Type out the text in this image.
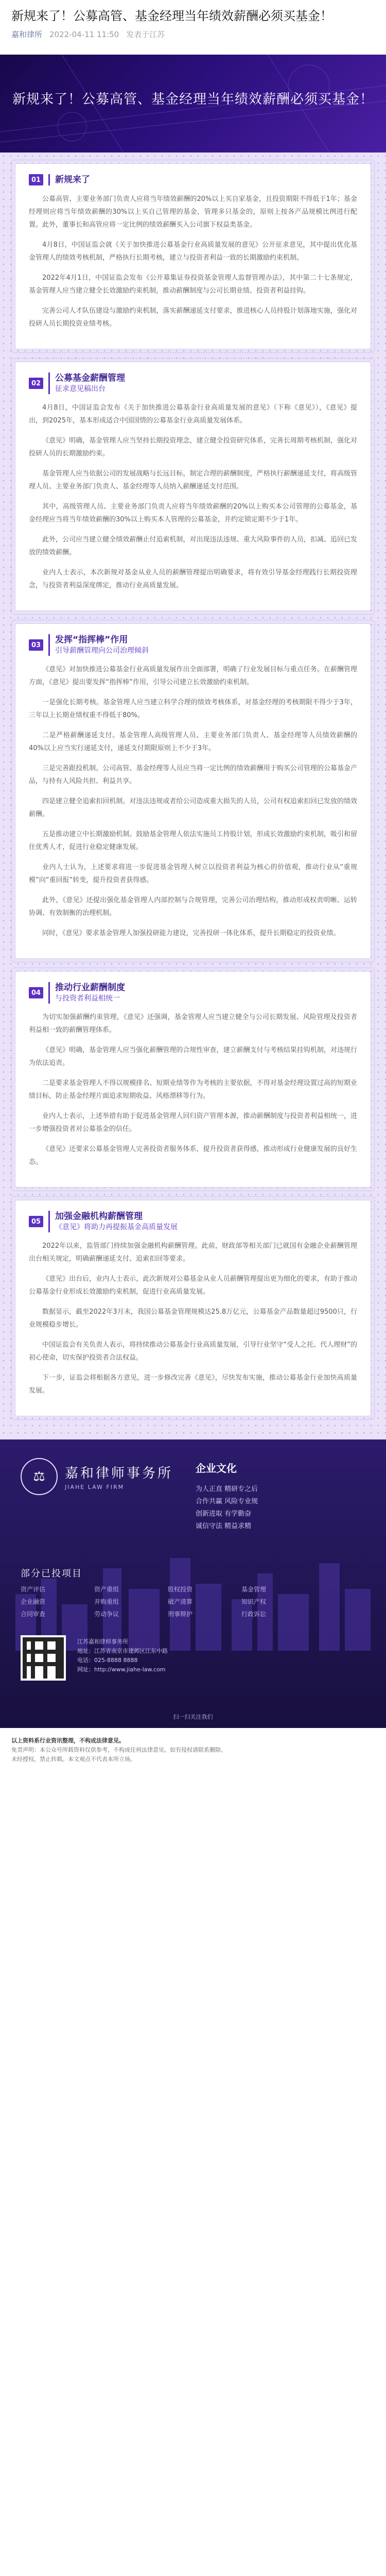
新规来了！公募高管、基金经理当年绩效薪酬必须买基金！
嘉和律所 2022-04-11 11:50 发表于江苏
新规来了！公募高管、基金经理当年绩效薪酬必须买基金！
01 新规来了

公募高管、主要业务部门负责人应将当年绩效薪酬的20%以上买自家基金，且投资期限不得低于1年；基金经理则应将当年绩效薪酬的30%以上买自己管理的基金，管理多只基金的，原则上按各产品规模比例进行配置。此外，董事长和高管应将一定比例的绩效薪酬买入公司旗下权益类基金。

4月8日，中国证监会就《关于加快推进公募基金行业高质量发展的意见》公开征求意见，其中提出优化基金管理人的绩效考核机制，严格执行长期考核，建立与投资者利益一致的长期激励约束机制。

2022年4月1日，中国证监会发布《公开募集证券投资基金管理人监督管理办法》，其中第二十七条规定，基金管理人应当建立健全长效激励约束机制，推动薪酬制度与公司长期业绩、投资者利益挂钩。

完善公司人才队伍建设与激励约束机制，落实薪酬递延支付要求，推进核心人员持股计划落地实施，强化对投研人员长期投资业绩考核。

02 公募基金薪酬管理
征求意见稿出台

4月8日，中国证监会发布《关于加快推进公募基金行业高质量发展的意见》（下称《意见》），《意见》提出，到2025年，基本形成适合中国国情的公募基金行业高质量发展体系。

《意见》明确，基金管理人应当坚持长期投资理念，建立健全投资研究体系，完善长周期考核机制，强化对投研人员的长期激励约束。

基金管理人应当依据公司的发展战略与长远目标，制定合理的薪酬制度，严格执行薪酬递延支付，将高级管理人员、主要业务部门负责人、基金经理等人员纳入薪酬递延支付范围。

其中，高级管理人员、主要业务部门负责人应将当年绩效薪酬的20%以上购买本公司管理的公募基金，基金经理应当将当年绩效薪酬的30%以上购买本人管理的公募基金，并约定锁定期不少于1年。

此外，公司应当建立健全绩效薪酬止付追索机制，对出现违法违规、重大风险事件的人员，扣减、追回已发放的绩效薪酬。

业内人士表示，本次新规对基金从业人员的薪酬管理提出明确要求，将有效引导基金经理践行长期投资理念，与投资者利益深度绑定，推动行业高质量发展。

03 发挥“指挥棒”作用
引导薪酬管理向公司治理倾斜

《意见》对加快推进公募基金行业高质量发展作出全面部署，明确了行业发展目标与重点任务。在薪酬管理方面，《意见》提出要发挥“指挥棒”作用，引导公司建立长效激励约束机制。

一是强化长期考核。基金管理人应当建立科学合理的绩效考核体系，对基金经理的考核期限不得少于3年，三年以上长期业绩权重不得低于80%。

二是严格薪酬递延支付。基金管理人高级管理人员、主要业务部门负责人、基金经理等人员绩效薪酬的40%以上应当实行递延支付，递延支付期限原则上不少于3年。

三是完善跟投机制。公司高管、基金经理等人员应当将一定比例的绩效薪酬用于购买公司管理的公募基金产品，与持有人风险共担、利益共享。

四是建立健全追索扣回机制。对违法违规或者给公司造成重大损失的人员，公司有权追索扣回已发放的绩效薪酬。

五是推动建立中长期激励机制。鼓励基金管理人依法实施员工持股计划，形成长效激励约束机制，吸引和留住优秀人才，促进行业稳定健康发展。

业内人士认为，上述要求将进一步促进基金管理人树立以投资者利益为核心的价值观，推动行业从“重规模”向“重回报”转变，提升投资者获得感。

此外，《意见》还提出强化基金管理人内部控制与合规管理，完善公司治理结构，推动形成权责明晰、运转协调、有效制衡的治理机制。

同时，《意见》要求基金管理人加强投研能力建设，完善投研一体化体系，提升长期稳定的投资业绩。

04 推动行业薪酬制度
与投资者利益相统一

为切实加强薪酬约束管理，《意见》还强调，基金管理人应当建立健全与公司长期发展、风险管理及投资者利益相一致的薪酬管理体系。

《意见》明确，基金管理人应当强化薪酬管理的合规性审查，建立薪酬支付与考核结果挂钩机制，对违规行为依法追责。

二是要求基金管理人不得以规模排名、短期业绩等作为考核的主要依据，不得对基金经理设置过高的短期业绩目标，防止基金经理片面追求短期收益、风格漂移等行为。

业内人士表示，上述举措有助于促进基金管理人回归资产管理本源，推动薪酬制度与投资者利益相统一，进一步增强投资者对公募基金的信任。

《意见》还要求公募基金管理人完善投资者服务体系，提升投资者获得感，推动形成行业健康发展的良好生态。

05 加强金融机构薪酬管理
《意见》将助力再提振基金高质量发展

2022年以来，监管部门持续加强金融机构薪酬管理。此前，财政部等相关部门已就国有金融企业薪酬管理出台相关规定，明确薪酬递延支付、追索扣回等要求。

《意见》出台后，业内人士表示，此次新规对公募基金从业人员薪酬管理提出更为细化的要求，有助于推动公募基金行业形成长效激励约束机制，促进行业高质量发展。

数据显示，截至2022年3月末，我国公募基金管理规模达25.8万亿元，公募基金产品数量超过9500只，行业规模稳步增长。

中国证监会有关负责人表示，将持续推动公募基金行业高质量发展，引导行业坚守“受人之托、代人理财”的初心使命，切实保护投资者合法权益。

下一步，证监会将根据各方意见，进一步修改完善《意见》，尽快发布实施，推动公募基金行业加快高质量发展。

⚖	嘉和律师事务所
JIAHE LAW FIRM
企业文化
为人正直 精研专之后
合作共赢 风险专业规
创新进取 有学勤奋
诚信守法 精益求精
部分已投项目
资产评估	资产重组	股权投资	基金管理
企业融资	并购重组	破产清算	知识产权
合同审查	劳动争议	刑事辩护	行政诉讼
江苏嘉和律师事务所
地址：江苏省南京市建邺区江东中路
电话：025-8888 8888
网址：http://www.jiahe-law.com
扫一扫关注我们
以上资料系行业资讯整理，不构成法律意见。
免责声明：本公众号所载资料仅供参考，不构成任何法律意见。如有侵权请联系删除。
未经授权，禁止转载。本文观点不代表本所立场。
